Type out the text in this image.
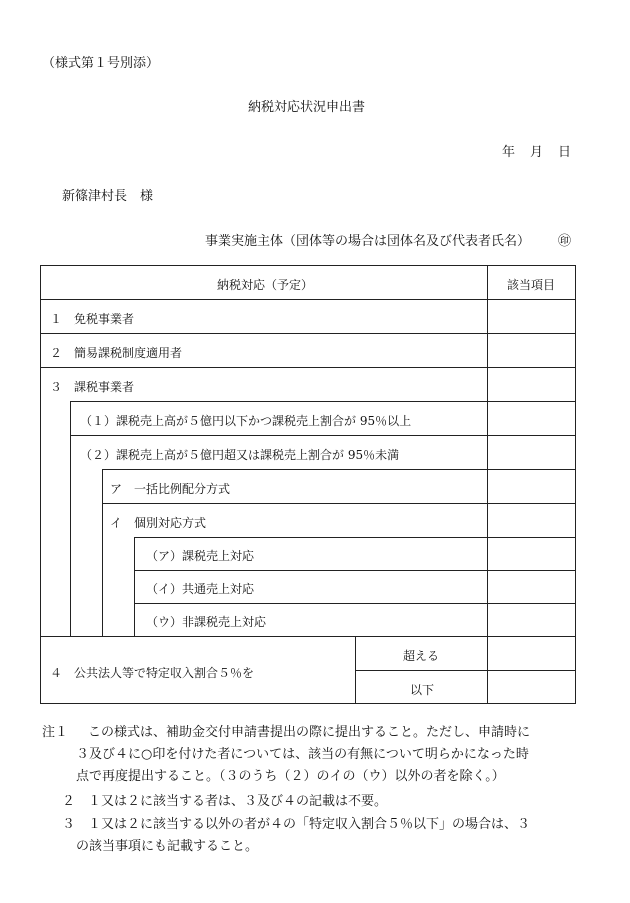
（様式第１号別添）
納税対応状況申出書
年 月 日
新篠津村長　様
事業実施主体（団体等の場合は団体名及び代表者氏名） ㊞
納税対応（予定）	該当項目
１　免税事業者
２　簡易課税制度適用者
３　課税事業者
（１）課税売上高が５億円以下かつ課税売上割合が 95％以上
（２）課税売上高が５億円超又は課税売上割合が 95％未満
ア　一括比例配分方式
イ　個別対応方式
（ア）課税売上対応
（イ）共通売上対応
（ウ）非課税売上対応
４　公共法人等で特定収入割合５％を
超える
以下
注１ この様式は、補助金交付申請書提出の際に提出すること。ただし、申請時に
３及び４に○印を付けた者については、該当の有無について明らかになった時
点で再度提出すること。（３のうち（２）のイの（ウ）以外の者を除く。）
２ １又は２に該当する者は、３及び４の記載は不要。
３ １又は２に該当する以外の者が４の「特定収入割合５％以下」の場合は、３
の該当事項にも記載すること。
